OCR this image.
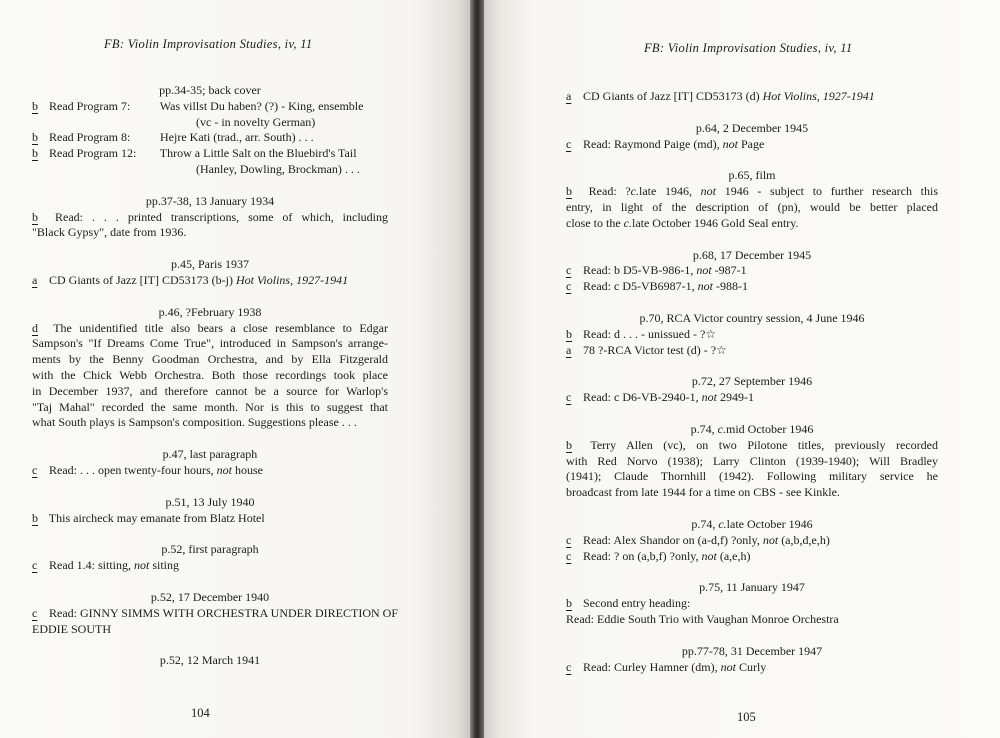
FB: Violin Improvisation Studies, iv, 11
pp.34-35; back cover
b Read Program 7: Was villst Du haben? (?) - King, ensemble
(vc - in novelty German)
b Read Program 8: Hejre Kati (trad., arr. South) . . .
b Read Program 12: Throw a Little Salt on the Bluebird's Tail
(Hanley, Dowling, Brockman) . . .
pp.37-38, 13 January 1934
b Read: . . . printed transcriptions, some of which, including
"Black Gypsy", date from 1936.
p.45, Paris 1937
a CD Giants of Jazz [IT] CD53173 (b-j) Hot Violins, 1927-1941
p.46, ?February 1938
d The unidentified title also bears a close resemblance to Edgar
Sampson's "If Dreams Come True", introduced in Sampson's arrange-
ments by the Benny Goodman Orchestra, and by Ella Fitzgerald
with the Chick Webb Orchestra. Both those recordings took place
in December 1937, and therefore cannot be a source for Warlop's
"Taj Mahal" recorded the same month. Nor is this to suggest that
what South plays is Sampson's composition. Suggestions please . . .
p.47, last paragraph
c Read: . . . open twenty-four hours, not house
p.51, 13 July 1940
b This aircheck may emanate from Blatz Hotel
p.52, first paragraph
c Read 1.4: sitting, not siting
p.52, 17 December 1940
c Read: GINNY SIMMS WITH ORCHESTRA UNDER DIRECTION OF
EDDIE SOUTH
p.52, 12 March 1941
104
FB: Violin Improvisation Studies, iv, 11
a CD Giants of Jazz [IT] CD53173 (d) Hot Violins, 1927-1941
p.64, 2 December 1945
c Read: Raymond Paige (md), not Page
p.65, film
b Read: ?c.late 1946, not 1946 - subject to further research this
entry, in light of the description of (pn), would be better placed
close to the c.late October 1946 Gold Seal entry.
p.68, 17 December 1945
c Read: b D5-VB-986-1, not -987-1
c Read: c D5-VB6987-1, not -988-1
p.70, RCA Victor country session, 4 June 1946
b Read: d . . . - unissued - ?☆
a 78 ?-RCA Victor test (d) - ?☆
p.72, 27 September 1946
c Read: c D6-VB-2940-1, not 2949-1
p.74, c.mid October 1946
b Terry Allen (vc), on two Pilotone titles, previously recorded
with Red Norvo (1938); Larry Clinton (1939-1940); Will Bradley
(1941); Claude Thornhill (1942). Following military service he
broadcast from late 1944 for a time on CBS - see Kinkle.
p.74, c.late October 1946
c Read: Alex Shandor on (a-d,f) ?only, not (a,b,d,e,h)
c Read: ? on (a,b,f) ?only, not (a,e,h)
p.75, 11 January 1947
b Second entry heading:
Read: Eddie South Trio with Vaughan Monroe Orchestra
pp.77-78, 31 December 1947
c Read: Curley Hamner (dm), not Curly
105
